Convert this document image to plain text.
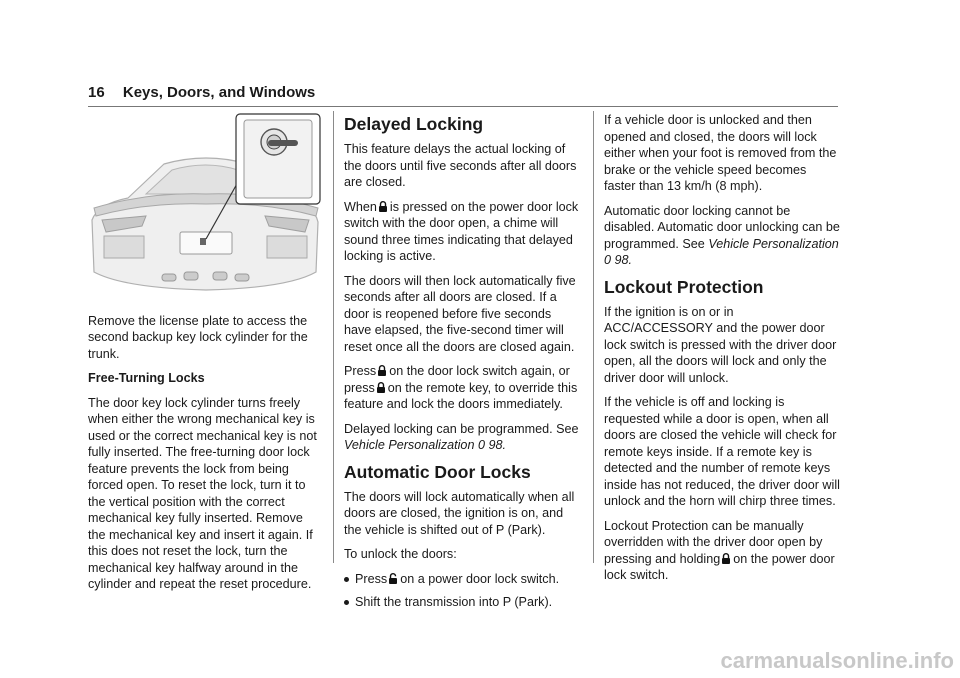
16 Keys, Doors, and Windows

Remove the license plate to access the second backup key lock cylinder for the trunk.

Free-Turning Locks

The door key lock cylinder turns freely when either the wrong mechanical key is used or the correct mechanical key is not fully inserted. The free-turning door lock feature prevents the lock from being forced open. To reset the lock, turn it to the vertical position with the correct mechanical key fully inserted. Remove the mechanical key and insert it again. If this does not reset the lock, turn the mechanical key halfway around in the cylinder and repeat the reset procedure.

Delayed Locking

This feature delays the actual locking of the doors until five seconds after all doors are closed.

When is pressed on the power door lock switch with the door open, a chime will sound three times indicating that delayed locking is active.

The doors will then lock automatically five seconds after all doors are closed. If a door is reopened before five seconds have elapsed, the five-second timer will reset once all the doors are closed again.

Press on the door lock switch again, or press on the remote key, to override this feature and lock the doors immediately.

Delayed locking can be programmed. See Vehicle Personalization 0 98.

Automatic Door Locks

The doors will lock automatically when all doors are closed, the ignition is on, and the vehicle is shifted out of P (Park).

To unlock the doors:

Press on a power door lock switch.
Shift the transmission into P (Park).

If a vehicle door is unlocked and then opened and closed, the doors will lock either when your foot is removed from the brake or the vehicle speed becomes faster than 13 km/h (8 mph).

Automatic door locking cannot be disabled. Automatic door unlocking can be programmed. See Vehicle Personalization 0 98.

Lockout Protection

If the ignition is on or in ACC/ACCESSORY and the power door lock switch is pressed with the driver door open, all the doors will lock and only the driver door will unlock.

If the vehicle is off and locking is requested while a door is open, when all doors are closed the vehicle will check for remote keys inside. If a remote key is detected and the number of remote keys inside has not reduced, the driver door will unlock and the horn will chirp three times.

Lockout Protection can be manually overridden with the driver door open by pressing and holding on the power door lock switch.

carmanualsonline.info
